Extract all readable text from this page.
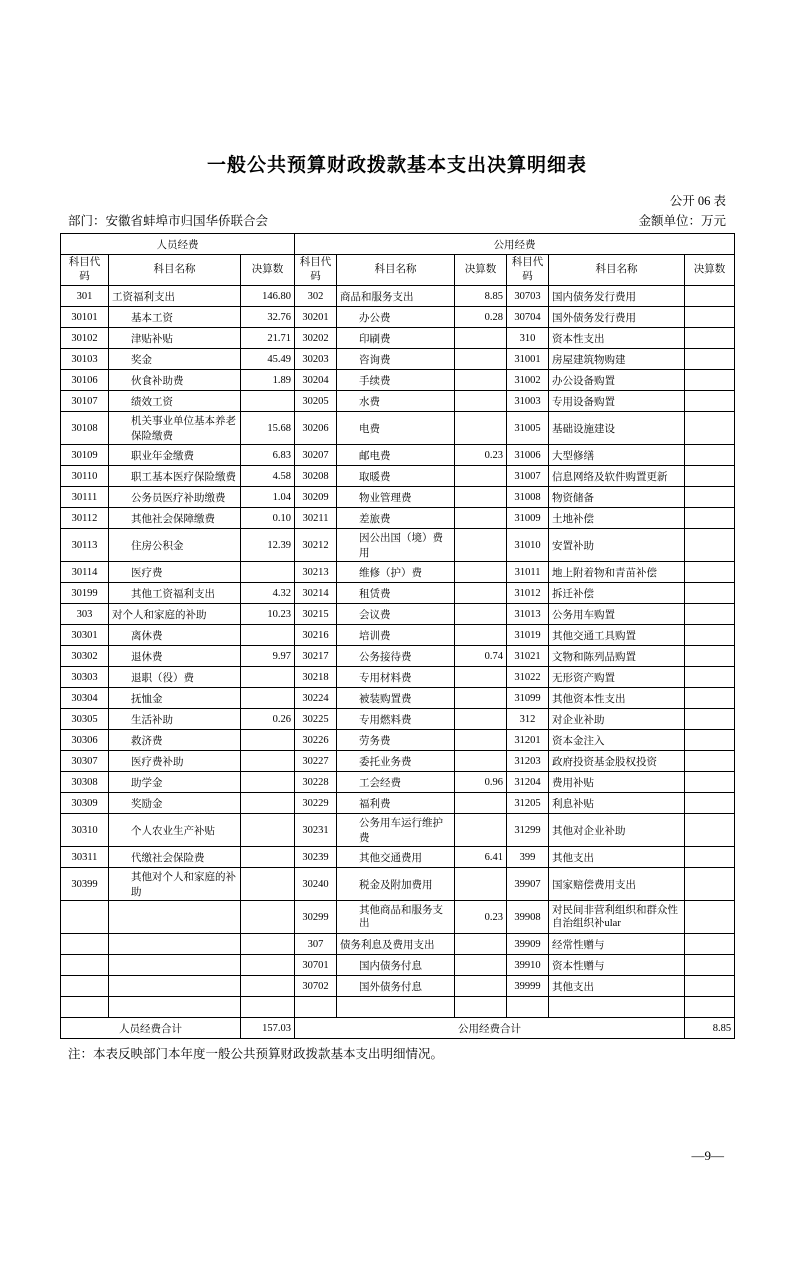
一般公共预算财政拨款基本支出决算明细表
公开 06 表
部门：安徽省蚌埠市归国华侨联合会	金额单位：万元
人员经费			公用经费					
科目代码	科目名称	决算数	科目代码	科目名称	决算数	科目代码	科目名称	决算数
301	工资福利支出	146.80	302	商品和服务支出	8.85	30703	国内债务发行费用	
30101	基本工资	32.76	30201	办公费	0.28	30704	国外债务发行费用	
30102	津贴补贴	21.71	30202	印刷费		310	资本性支出	
30103	奖金	45.49	30203	咨询费		31001	房屋建筑物购建	
30106	伙食补助费	1.89	30204	手续费		31002	办公设备购置	
30107	绩效工资		30205	水费		31003	专用设备购置	
30108	机关事业单位基本养老保险缴费	15.68	30206	电费		31005	基础设施建设	
30109	职业年金缴费	6.83	30207	邮电费	0.23	31006	大型修缮	
30110	职工基本医疗保险缴费	4.58	30208	取暖费		31007	信息网络及软件购置更新	
30111	公务员医疗补助缴费	1.04	30209	物业管理费		31008	物资储备	
30112	其他社会保障缴费	0.10	30211	差旅费		31009	土地补偿	
30113	住房公积金	12.39	30212	因公出国（境）费用		31010	安置补助	
30114	医疗费		30213	维修（护）费		31011	地上附着物和青苗补偿	
30199	其他工资福利支出	4.32	30214	租赁费		31012	拆迁补偿	
303	对个人和家庭的补助	10.23	30215	会议费		31013	公务用车购置	
30301	离休费		30216	培训费		31019	其他交通工具购置	
30302	退休费	9.97	30217	公务接待费	0.74	31021	文物和陈列品购置	
30303	退职（役）费		30218	专用材料费		31022	无形资产购置	
30304	抚恤金		30224	被装购置费		31099	其他资本性支出	
30305	生活补助	0.26	30225	专用燃料费		312	对企业补助	
30306	救济费		30226	劳务费		31201	资本金注入	
30307	医疗费补助		30227	委托业务费		31203	政府投资基金股权投资	
30308	助学金		30228	工会经费	0.96	31204	费用补贴	
30309	奖励金		30229	福利费		31205	利息补贴	
30310	个人农业生产补贴		30231	公务用车运行维护费		31299	其他对企业补助	
30311	代缴社会保险费		30239	其他交通费用	6.41	399	其他支出	
30399	其他对个人和家庭的补助		30240	税金及附加费用		39907	国家赔偿费用支出	
			30299	其他商品和服务支出	0.23	39908	对民间非营利组织和群众性自治组织补ular	
			307	债务利息及费用支出		39909	经常性赠与	
			30701	国内债务付息		39910	资本性赠与	
			30702	国外债务付息		39999	其他支出	

人员经费合计		157.03	公用经费合计					8.85
注：本表反映部门本年度一般公共预算财政拨款基本支出明细情况。
—9—
